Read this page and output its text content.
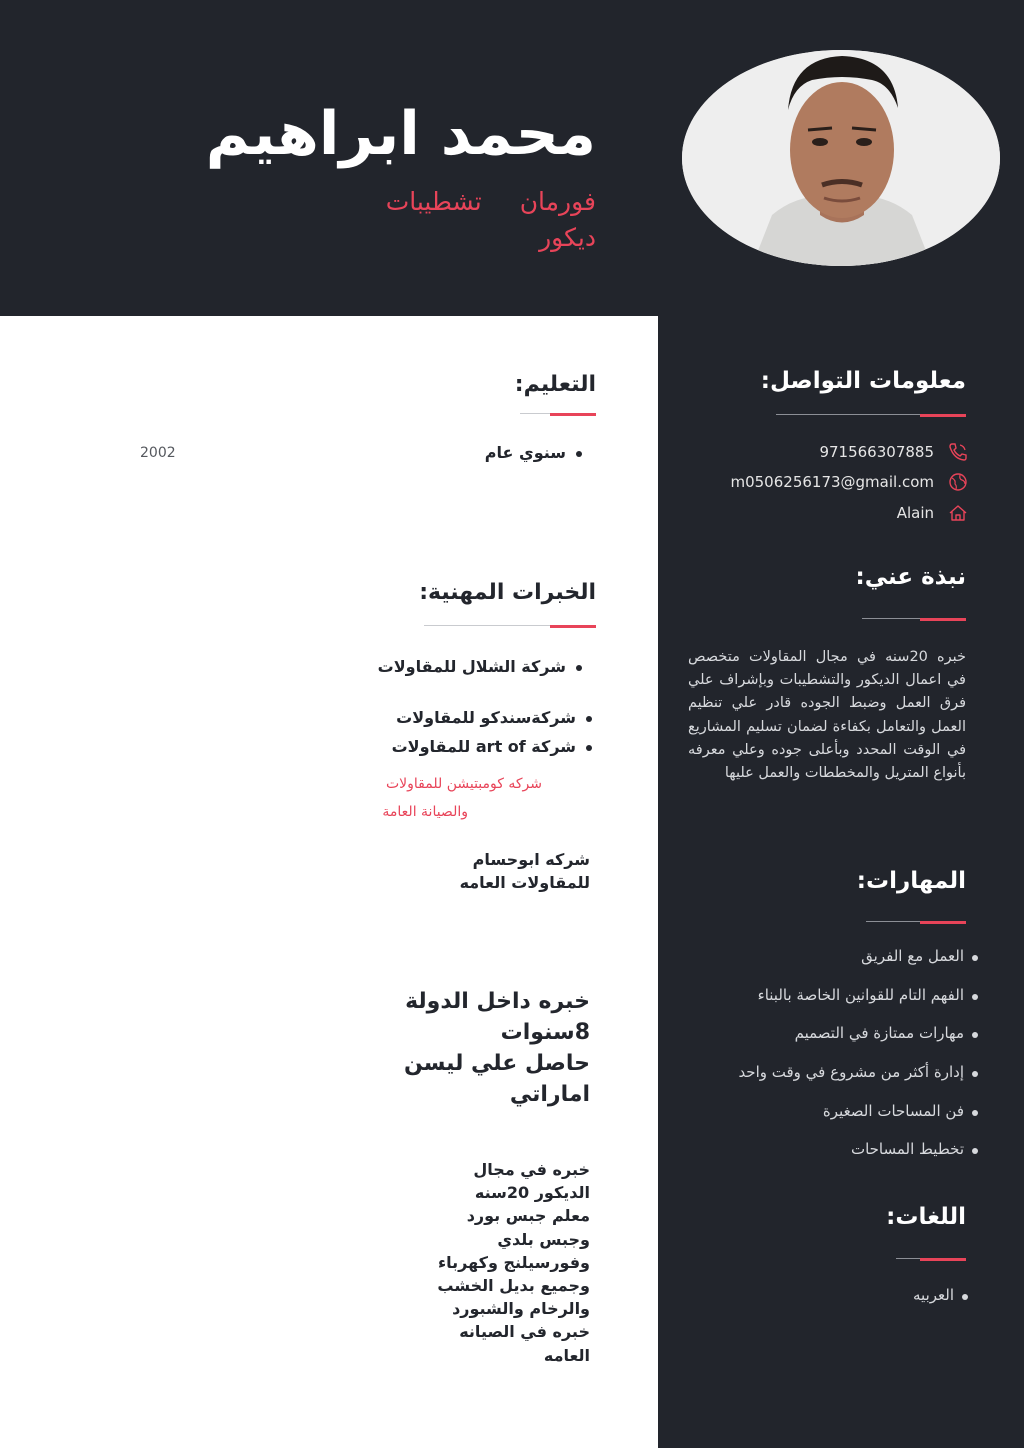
محمد ابراهيم
فورمان تشطيبات ديكور
معلومات التواصل:
971566307885
m0506256173@gmail.com
Alain
نبذة عني:
خبره 20سنه في مجال المقاولات متخصص في اعمال الديكور والتشطيبات وبإشراف علي فرق العمل وضبط الجوده قادر علي تنظيم العمل والتعامل بكفاءة لضمان تسليم المشاريع في الوقت المحدد وبأعلى جوده وعلي معرفه بأنواع المتريل والمخططات والعمل عليها
المهارات:
العمل مع الفريق
الفهم التام للقوانين الخاصة بالبناء
مهارات ممتازة في التصميم
إدارة أكثر من مشروع في وقت واحد
فن المساحات الصغيرة
تخطيط المساحات
اللغات:
العربيه
التعليم:
سنوي عام
2002
الخبرات المهنية:
شركة الشلال للمقاولات
شركةسندكو للمقاولات
شركة art of للمقاولات
شركه كومبتيشن للمقاولات
والصيانة العامة
شركه ابوحسام
للمقاولات العامه
خبره داخل الدولة
8سنوات
حاصل علي ليسن
اماراتي
خبره في مجال
الديكور 20سنه
معلم جبس بورد
وجبس بلدي
وفورسيلنج وكهرباء
وجميع بديل الخشب
والرخام والشبورد
خبره في الصيانه
العامه
